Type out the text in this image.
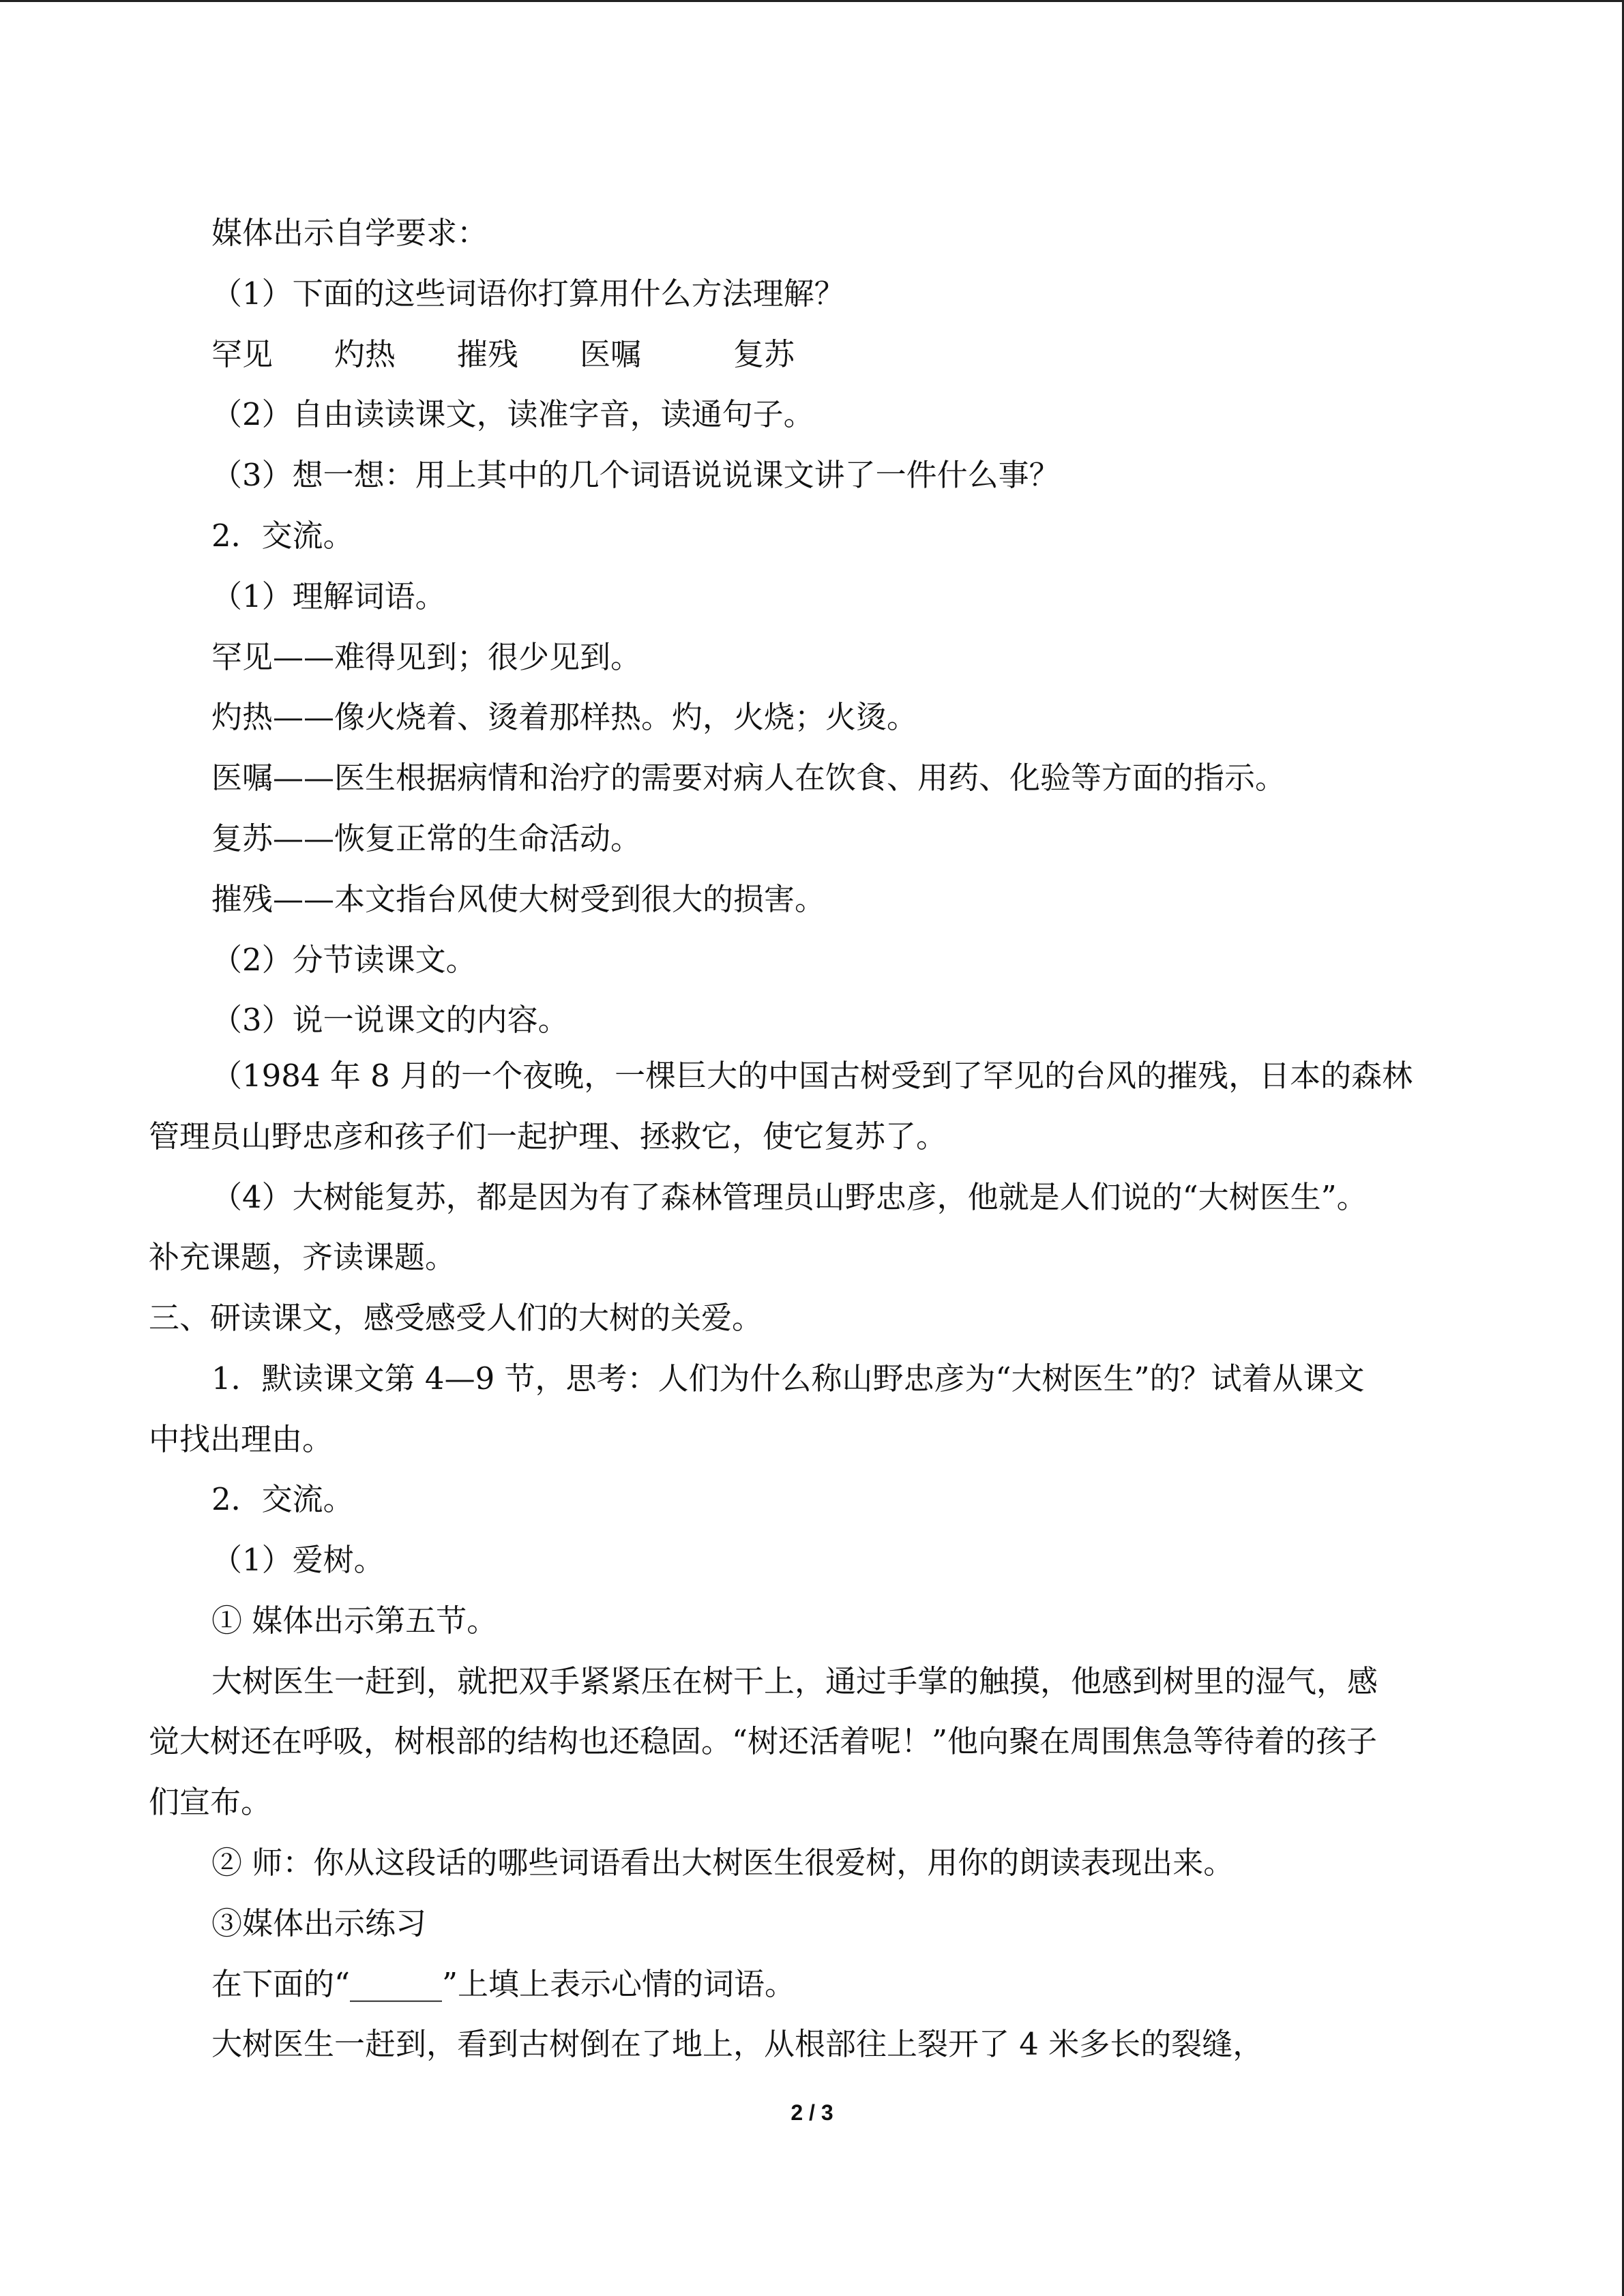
媒体出示自学要求：
（1）下面的这些词语你打算用什么方法理解？
罕见　　灼热　　摧残　　医嘱　　　复苏
（2）自由读读课文，读准字音，读通句子。
（3）想一想：用上其中的几个词语说说课文讲了一件什么事？
2．交流。
（1）理解词语。
罕见——难得见到；很少见到。
灼热——像火烧着、烫着那样热。灼，火烧；火烫。
医嘱——医生根据病情和治疗的需要对病人在饮食、用药、化验等方面的指示。
复苏——恢复正常的生命活动。
摧残——本文指台风使大树受到很大的损害。
（2）分节读课文。
（3）说一说课文的内容。
（1984 年 8 月的一个夜晚，一棵巨大的中国古树受到了罕见的台风的摧残，日本的森林
管理员山野忠彦和孩子们一起护理、拯救它，使它复苏了。
（4）大树能复苏，都是因为有了森林管理员山野忠彦，他就是人们说的“大树医生”。
补充课题，齐读课题。
三、研读课文，感受感受人们的大树的关爱。
1．默读课文第 4—9 节，思考：人们为什么称山野忠彦为“大树医生”的？试着从课文
中找出理由。
2．交流。
（1）爱树。
① 媒体出示第五节。
大树医生一赶到，就把双手紧紧压在树干上，通过手掌的触摸，他感到树里的湿气，感
觉大树还在呼吸，树根部的结构也还稳固。“树还活着呢！”他向聚在周围焦急等待着的孩子
们宣布。
② 师：你从这段话的哪些词语看出大树医生很爱树，用你的朗读表现出来。
③媒体出示练习
在下面的“______”上填上表示心情的词语。
大树医生一赶到，看到古树倒在了地上，从根部往上裂开了 4 米多长的裂缝，
2 / 3
